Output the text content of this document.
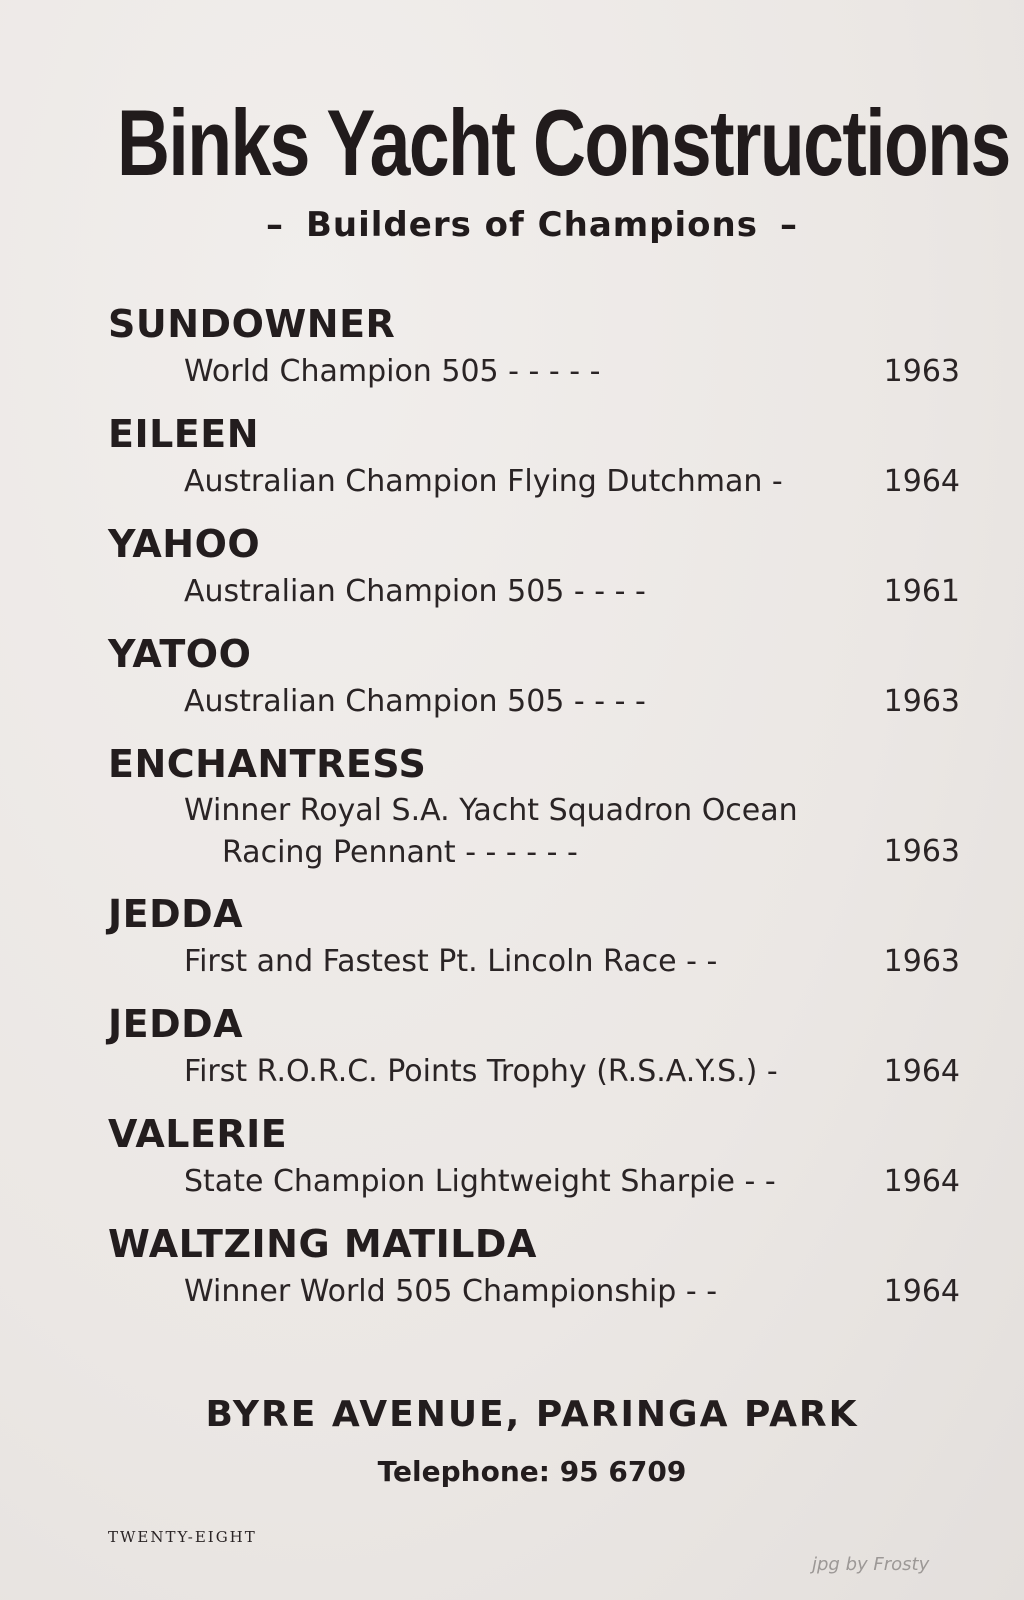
Binks Yacht Constructions
– Builders of Champions –
SUNDOWNER
World Champion 505 - - - - -	1963
EILEEN
Australian Champion Flying Dutchman -	1964
YAHOO
Australian Champion 505 - - - -	1961
YATOO
Australian Champion 505 - - - -	1963
ENCHANTRESS
Winner Royal S.A. Yacht Squadron Ocean
Racing Pennant - - - - - -	1963
JEDDA
First and Fastest Pt. Lincoln Race - -	1963
JEDDA
First R.O.R.C. Points Trophy (R.S.A.Y.S.) -	1964
VALERIE
State Champion Lightweight Sharpie - -	1964
WALTZING MATILDA
Winner World 505 Championship - -	1964
BYRE AVENUE, PARINGA PARK
Telephone: 95 6709
TWENTY-EIGHT
jpg by Frosty
